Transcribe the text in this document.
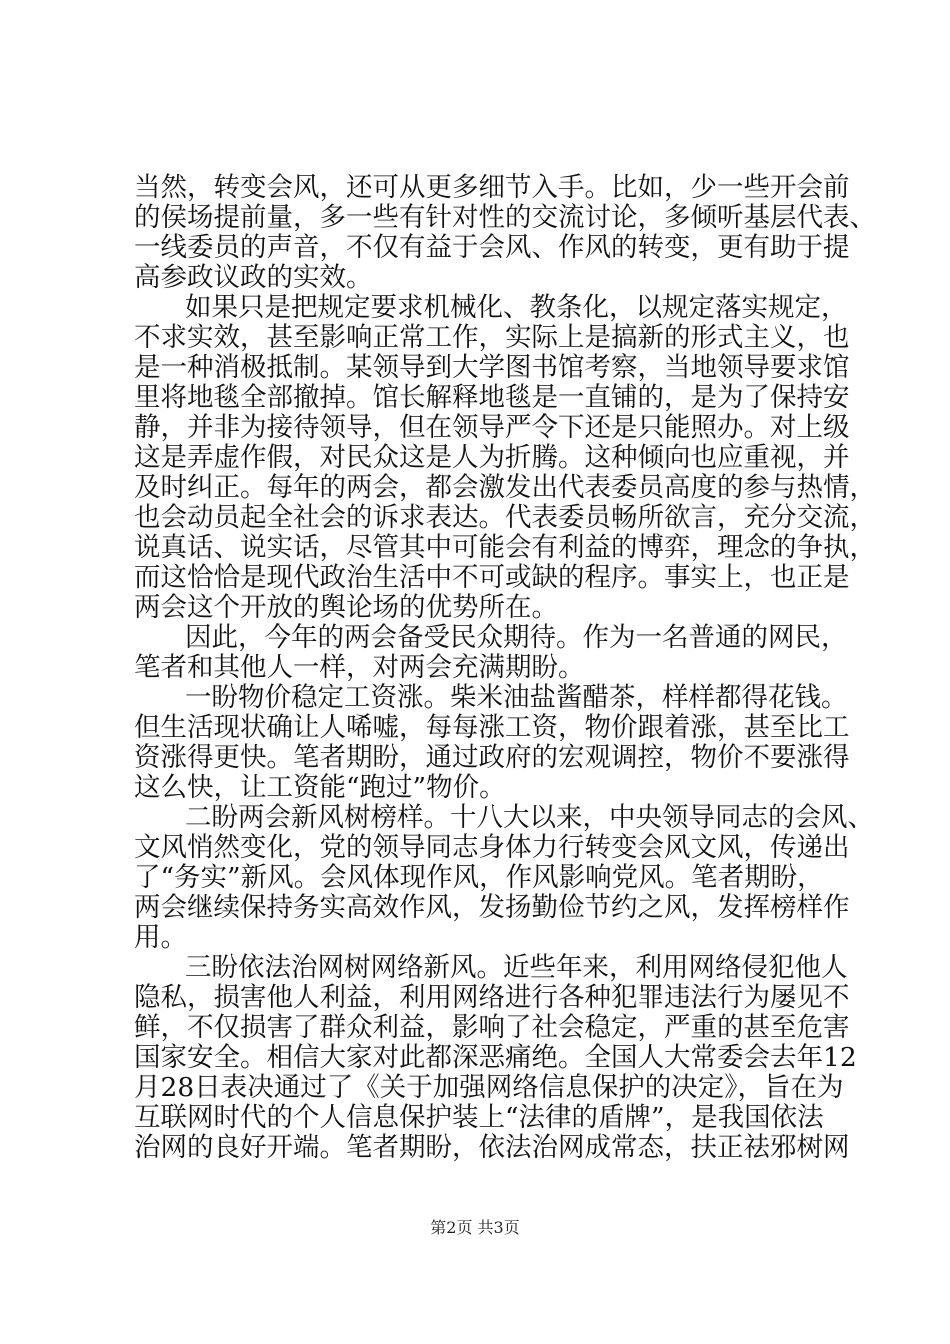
当然，转变会风，还可从更多细节入手。比如，少一些开会前
的侯场提前量，多一些有针对性的交流讨论，多倾听基层代表、
一线委员的声音，不仅有益于会风、作风的转变，更有助于提
高参政议政的实效。
如果只是把规定要求机械化、教条化，以规定落实规定，
不求实效，甚至影响正常工作，实际上是搞新的形式主义，也
是一种消极抵制。某领导到大学图书馆考察，当地领导要求馆
里将地毯全部撤掉。馆长解释地毯是一直铺的，是为了保持安
静，并非为接待领导，但在领导严令下还是只能照办。对上级
这是弄虚作假，对民众这是人为折腾。这种倾向也应重视，并
及时纠正。每年的两会，都会激发出代表委员高度的参与热情，
也会动员起全社会的诉求表达。代表委员畅所欲言，充分交流，
说真话、说实话，尽管其中可能会有利益的博弈，理念的争执，
而这恰恰是现代政治生活中不可或缺的程序。事实上，也正是
两会这个开放的舆论场的优势所在。
因此，今年的两会备受民众期待。作为一名普通的网民，
笔者和其他人一样，对两会充满期盼。
一盼物价稳定工资涨。柴米油盐酱醋茶，样样都得花钱。
但生活现状确让人唏嘘，每每涨工资，物价跟着涨，甚至比工
资涨得更快。笔者期盼，通过政府的宏观调控，物价不要涨得
这么快，让工资能“跑过”物价。
二盼两会新风树榜样。十八大以来，中央领导同志的会风、
文风悄然变化，党的领导同志身体力行转变会风文风，传递出
了“务实”新风。会风体现作风，作风影响党风。笔者期盼，
两会继续保持务实高效作风，发扬勤俭节约之风，发挥榜样作
用。
三盼依法治网树网络新风。近些年来，利用网络侵犯他人
隐私，损害他人利益，利用网络进行各种犯罪违法行为屡见不
鲜，不仅损害了群众利益，影响了社会稳定，严重的甚至危害
国家安全。相信大家对此都深恶痛绝。全国人大常委会去年12
月28日表决通过了《关于加强网络信息保护的决定》，旨在为
互联网时代的个人信息保护装上“法律的盾牌”，是我国依法
治网的良好开端。笔者期盼，依法治网成常态，扶正祛邪树网
第2页 共3页
